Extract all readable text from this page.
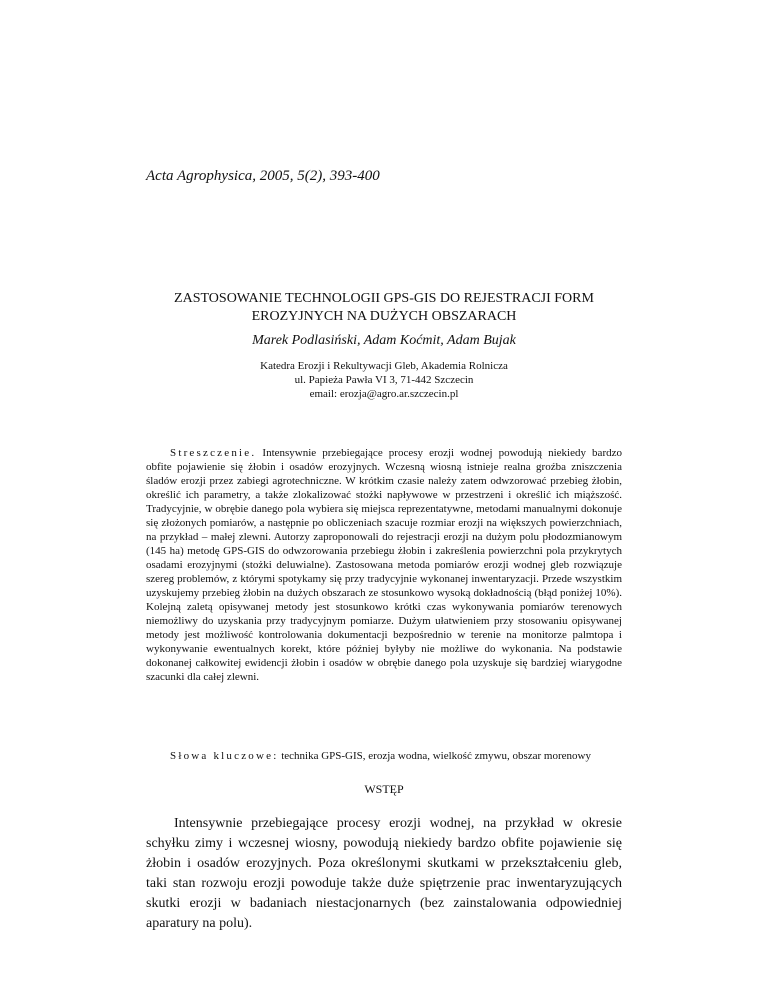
Acta Agrophysica, 2005, 5(2), 393-400
ZASTOSOWANIE TECHNOLOGII GPS-GIS DO REJESTRACJI FORM EROZYJNYCH NA DUŻYCH OBSZARACH
Marek Podlasiński, Adam Koćmit, Adam Bujak
Katedra Erozji i Rekultywacji Gleb, Akademia Rolnicza
ul. Papieża Pawła VI 3, 71-442 Szczecin
email: erozja@agro.ar.szczecin.pl
Streszczenie. Intensywnie przebiegające procesy erozji wodnej powodują niekiedy bardzo obfite pojawienie się żłobin i osadów erozyjnych. Wczesną wiosną istnieje realna groźba zniszczenia śladów erozji przez zabiegi agrotechniczne. W krótkim czasie należy zatem odwzorować przebieg żłobin, określić ich parametry, a także zlokalizować stożki napływowe w przestrzeni i określić ich miąższość. Tradycyjnie, w obrębie danego pola wybiera się miejsca reprezentatywne, metodami manualnymi dokonuje się złożonych pomiarów, a następnie po obliczeniach szacuje rozmiar erozji na większych powierzchniach, na przykład – małej zlewni. Autorzy zaproponowali do rejestracji erozji na dużym polu płodozmianowym (145 ha) metodę GPS-GIS do odwzorowania przebiegu żłobin i zakreślenia powierzchni pola przykrytych osadami erozyjnymi (stożki deluwialne). Zastosowana metoda pomiarów erozji wodnej gleb rozwiązuje szereg problemów, z którymi spotykamy się przy tradycyjnie wykonanej inwentaryzacji. Przede wszystkim uzyskujemy przebieg żłobin na dużych obszarach ze stosunkowo wysoką dokładnością (błąd poniżej 10%). Kolejną zaletą opisywanej metody jest stosunkowo krótki czas wykonywania pomiarów terenowych niemożliwy do uzyskania przy tradycyjnym pomiarze. Dużym ułatwieniem przy stosowaniu opisywanej metody jest możliwość kontrolowania dokumentacji bezpośrednio w terenie na monitorze palmtopa i wykonywanie ewentualnych korekt, które później byłyby nie możliwe do wykonania. Na podstawie dokonanej całkowitej ewidencji żłobin i osadów w obrębie danego pola uzyskuje się bardziej wiarygodne szacunki dla całej zlewni.
Słowa kluczowe: technika GPS-GIS, erozja wodna, wielkość zmywu, obszar morenowy
WSTĘP
Intensywnie przebiegające procesy erozji wodnej, na przykład w okresie schyłku zimy i wczesnej wiosny, powodują niekiedy bardzo obfite pojawienie się żłobin i osadów erozyjnych. Poza określonymi skutkami w przekształceniu gleb, taki stan rozwoju erozji powoduje także duże spiętrzenie prac inwentaryzujących skutki erozji w badaniach niestacjonarnych (bez zainstalowania odpowiedniej aparatury na polu).
